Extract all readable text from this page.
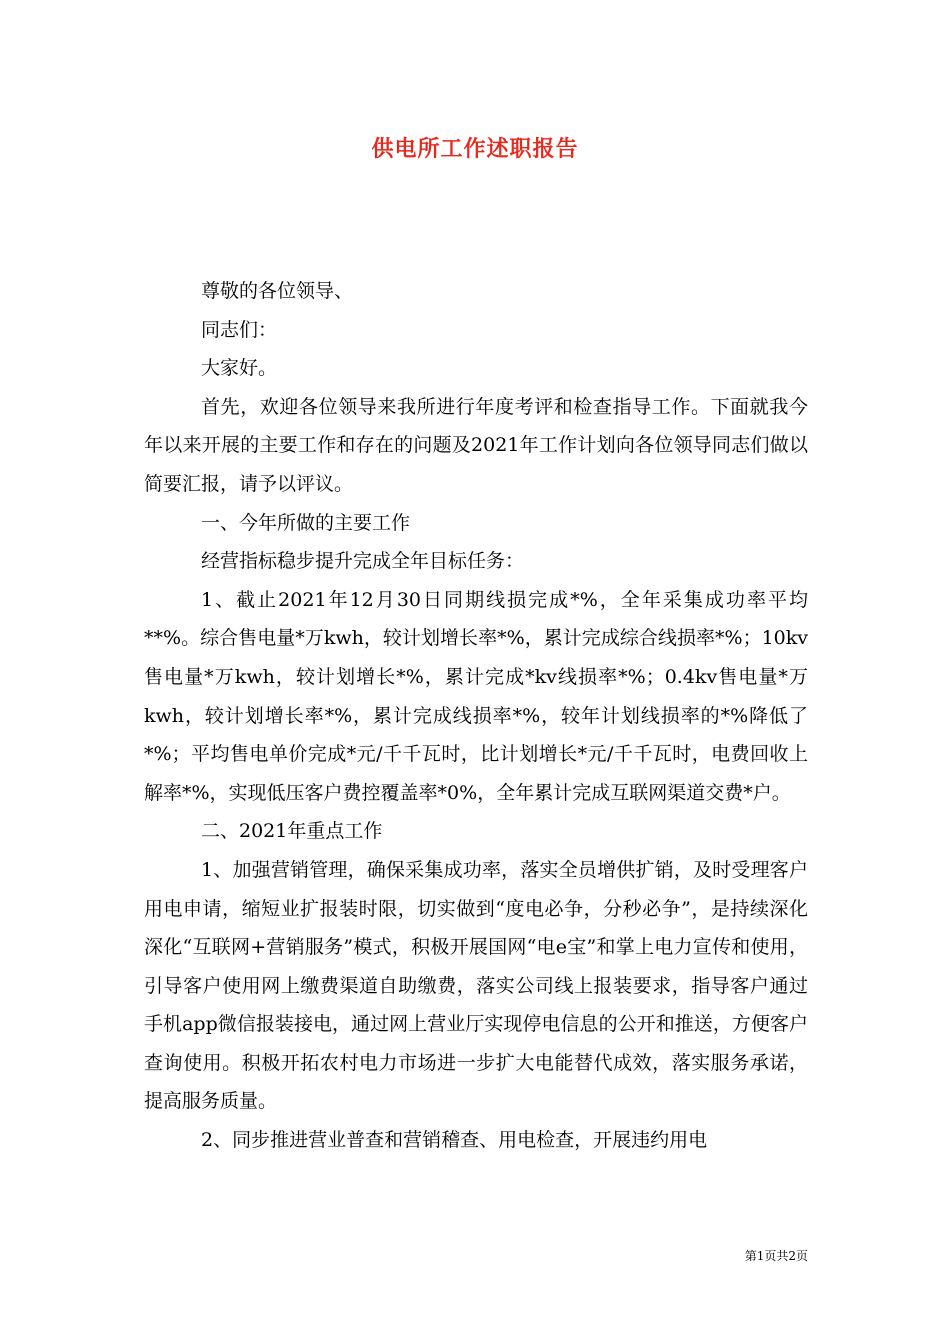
供电所工作述职报告

尊敬的各位领导、

同志们：

大家好。

首先，欢迎各位领导来我所进行年度考评和检查指导工作。下面就我今年以来开展的主要工作和存在的问题及2021年工作计划向各位领导同志们做以简要汇报，请予以评议。

一、今年所做的主要工作

经营指标稳步提升完成全年目标任务：

1、截止2021年12月30日同期线损完成*%，全年采集成功率平均**%。综合售电量*万kwh，较计划增长率*%，累计完成综合线损率*%；10kv售电量*万kwh，较计划增长*%，累计完成*kv线损率*%；0.4kv售电量*万kwh，较计划增长率*%，累计完成线损率*%，较年计划线损率的*%降低了*%；平均售电单价完成*元/千千瓦时，比计划增长*元/千千瓦时，电费回收上解率*%，实现低压客户费控覆盖率*0%，全年累计完成互联网渠道交费*户。

二、2021年重点工作

1、加强营销管理，确保采集成功率，落实全员增供扩销，及时受理客户用电申请，缩短业扩报装时限，切实做到“度电必争，分秒必争”，是持续深化深化“互联网+营销服务”模式，积极开展国网“电e宝”和掌上电力宣传和使用，引导客户使用网上缴费渠道自助缴费，落实公司线上报装要求，指导客户通过手机app微信报装接电，通过网上营业厅实现停电信息的公开和推送，方便客户查询使用。积极开拓农村电力市场进一步扩大电能替代成效，落实服务承诺，提高服务质量。

2、同步推进营业普查和营销稽查、用电检查，开展违约用电

第1页共2页
